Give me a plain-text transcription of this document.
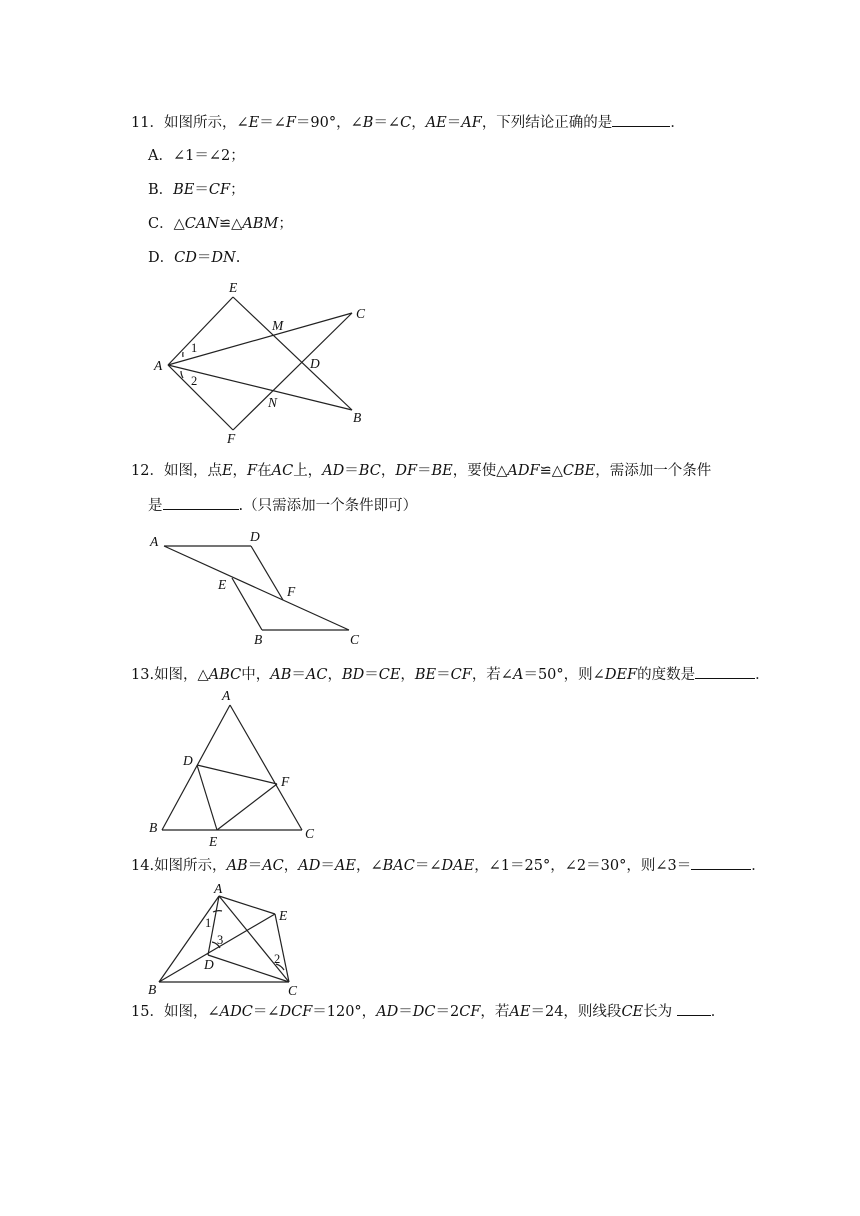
11．如图所示，∠E＝∠F＝90°，∠B＝∠C，AE＝AF，下列结论正确的是	．
A．∠1＝∠2；
B．BE＝CF；
C．△CAN≌△ABM；
D．CD＝DN.
E
M
C
A
1
D
2
N
B
F
12．如图，点E，F在AC上，AD＝BC，DF＝BE，要使△ADF≌△CBE，需添加一个条件
是	.（只需添加一个条件即可）
A	D
E	F
B	C
13.如图，△ABC中，AB＝AC，BD＝CE，BE＝CF，若∠A＝50°，则∠DEF的度数是	．
A
D
F
B
E
C
14.如图所示，AB＝AC，AD＝AE，∠BAC＝∠DAE，∠1＝25°，∠2＝30°，则∠3＝	．
A
E
1
3
D	2
B	C
15．如图，∠ADC＝∠DCF＝120°，AD＝DC＝2CF，若AE＝24，则线段CE长为	．
